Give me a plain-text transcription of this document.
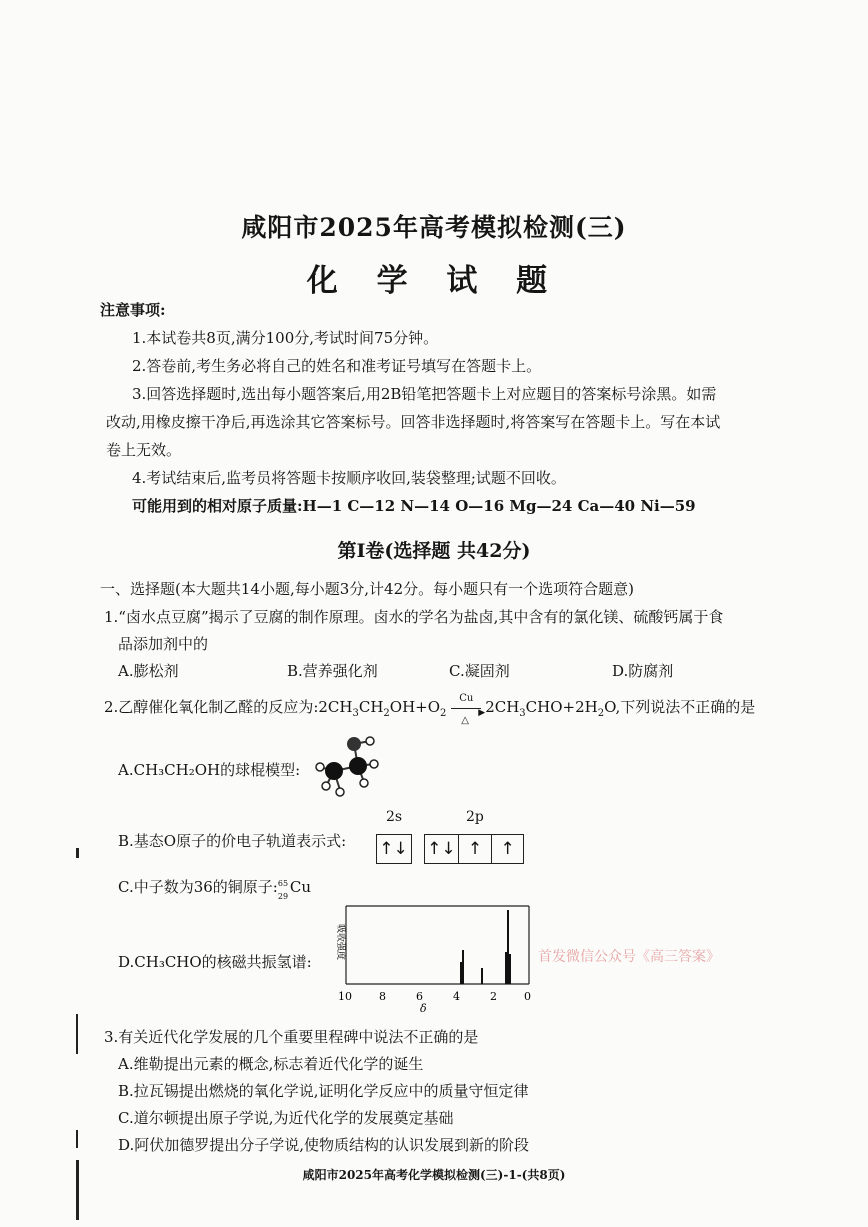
咸阳市2025年高考模拟检测(三)
化 学 试 题
注意事项:
1.本试卷共8页,满分100分,考试时间75分钟。
2.答卷前,考生务必将自己的姓名和准考证号填写在答题卡上。
3.回答选择题时,选出每小题答案后,用2B铅笔把答题卡上对应题目的答案标号涂黑。如需
改动,用橡皮擦干净后,再选涂其它答案标号。回答非选择题时,将答案写在答题卡上。写在本试
卷上无效。
4.考试结束后,监考员将答题卡按顺序收回,装袋整理;试题不回收。
可能用到的相对原子质量:H—1 C—12 N—14 O—16 Mg—24 Ca—40 Ni—59
第Ⅰ卷(选择题 共42分)
一、选择题(本大题共14小题,每小题3分,计42分。每小题只有一个选项符合题意)
1.“卤水点豆腐”揭示了豆腐的制作原理。卤水的学名为盐卤,其中含有的氯化镁、硫酸钙属于食
品添加剂中的
A.膨松剂	B.营养强化剂	C.凝固剂	D.防腐剂
2.乙醇催化氧化制乙醛的反应为$:2CH_3CH_2OH+O_2$
Cu
▶
△
$2CH_3CHO+2H_2O$,下列说法不正确的是
A.CH₃CH₂OH的球棍模型:
B.基态O原子的价电子轨道表示式:
2s	2p
↑↓ ↑↓ ↑	↑
C.中子数为36的铜原子: 65
29
Cu
D.CH₃CHO的核磁共振氢谱:
吸收强度
10 8	6	4	2 0
δ
首发微信公众号《高三答案》
3.有关近代化学发展的几个重要里程碑中说法不正确的是
A.维勒提出元素的概念,标志着近代化学的诞生
B.拉瓦锡提出燃烧的氧化学说,证明化学反应中的质量守恒定律
C.道尔顿提出原子学说,为近代化学的发展奠定基础
D.阿伏加德罗提出分子学说,使物质结构的认识发展到新的阶段
咸阳市2025年高考化学模拟检测(三)-1-(共8页)
